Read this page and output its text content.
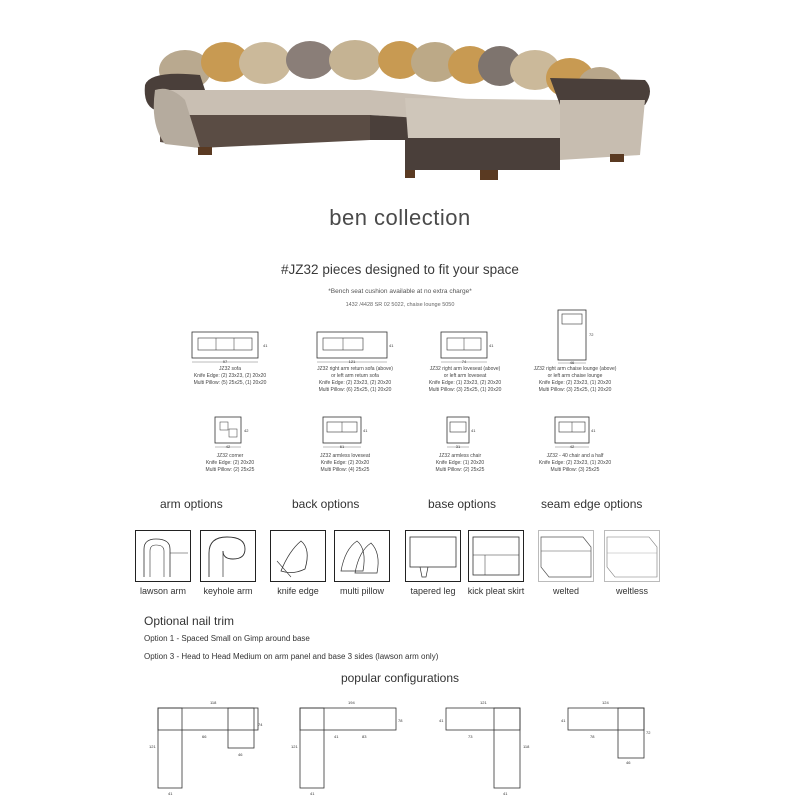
ben collection
#JZ32 pieces designed to fit your space
*Bench seat cushion available at no extra charge*
1432 /4428 SR 02 5022, chaise lounge 5050
97
41
JZ32 sofa
Knife Edge: (2) 23x23, (2) 20x20
Multi Pillow: (5) 25x25, (1) 20x20
121
41
JZ32 right arm return sofa (above)
or left arm return sofa
Knife Edge: (2) 23x23, (2) 20x20
Multi Pillow: (6) 25x25, (1) 20x20
74
41
JZ32 right arm loveseat (above)
or left arm loveseat
Knife Edge: (1) 23x23, (2) 20x20
Multi Pillow: (3) 25x25, (1) 20x20
46
72
JZ32 right arm chaise lounge (above)
or left arm chaise lounge
Knife Edge: (2) 23x23, (1) 20x20
Multi Pillow: (3) 25x25, (1) 20x20
42
42
JZ32 corner
Knife Edge: (2) 20x20
Multi Pillow: (2) 25x25
61
41
JZ32 armless loveseat
Knife Edge: (2) 20x20
Multi Pillow: (4) 25x25
31
41
JZ32 armless chair
Knife Edge: (1) 20x20
Multi Pillow: (2) 25x25
42
41
JZ32 - 40 chair and a half
Knife Edge: (2) 23x23, (1) 20x20
Multi Pillow: (3) 25x25
arm options	back options	base options	seam edge options
lawson arm	keyhole arm	knife edge	multi pillow	tapered leg	kick pleat skirt	welted	weltless
Optional nail trim
Option 1 - Spaced Small on Gimp around base
Option 3 - Head to Head Medium on arm panel and base 3 sides (lawson arm only)
popular configurations
118
66
74
121
46
41
194
83
78
121
41
41
121
73
118
41
41
124
78
72
41
46
